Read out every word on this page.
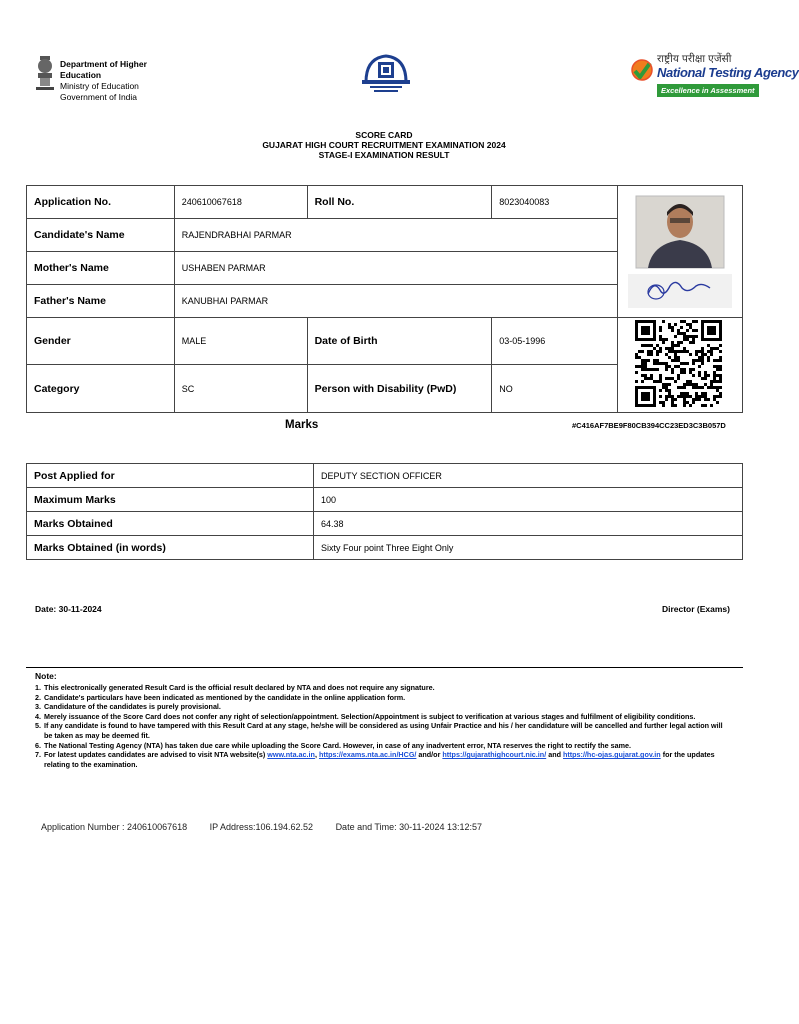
Department of Higher Education
Ministry of Education
Government of India
राष्ट्रीय परीक्षा एजेंसी
National Testing Agency
Excellence in Assessment
SCORE CARD
GUJARAT HIGH COURT RECRUITMENT EXAMINATION 2024
STAGE-I EXAMINATION RESULT
Application No.	240610067618	Roll No.	8023040083	
Candidate's Name	RAJENDRABHAI PARMAR			
Mother's Name	USHABEN PARMAR			
Father's Name	KANUBHAI PARMAR			
Gender	MALE	Date of Birth	03-05-1996	
Category	SC	Person with Disability (PwD)	NO	
Marks	#C416AF7BE9F80CB394CC23ED3C3B057D
Post Applied for	DEPUTY SECTION OFFICER
Maximum Marks	100
Marks Obtained	64.38
Marks Obtained (in words)	Sixty Four point Three Eight Only
Date: 30-11-2024	Director (Exams)
Note:
1. This electronically generated Result Card is the official result declared by NTA and does not require any signature.
2. Candidate's particulars have been indicated as mentioned by the candidate in the online application form.
3. Candidature of the candidates is purely provisional.
4. Merely issuance of the Score Card does not confer any right of selection/appointment. Selection/Appointment is subject to verification at various stages and fulfilment of eligibility conditions.
5. If any candidate is found to have tampered with this Result Card at any stage, he/she will be considered as using Unfair Practice and his / her candidature will be cancelled and further legal action will be taken as may be deemed fit.
6. The National Testing Agency (NTA) has taken due care while uploading the Score Card. However, in case of any inadvertent error, NTA reserves the right to rectify the same.
7. For latest updates candidates are advised to visit NTA website(s) www.nta.ac.in, https://exams.nta.ac.in/HCG/ and/or https://gujarathighcourt.nic.in/ and https://hc-ojas.gujarat.gov.in for the updates relating to the examination.
Application Number : 240610067618	IP Address:106.194.62.52	Date and Time: 30-11-2024 13:12:57
